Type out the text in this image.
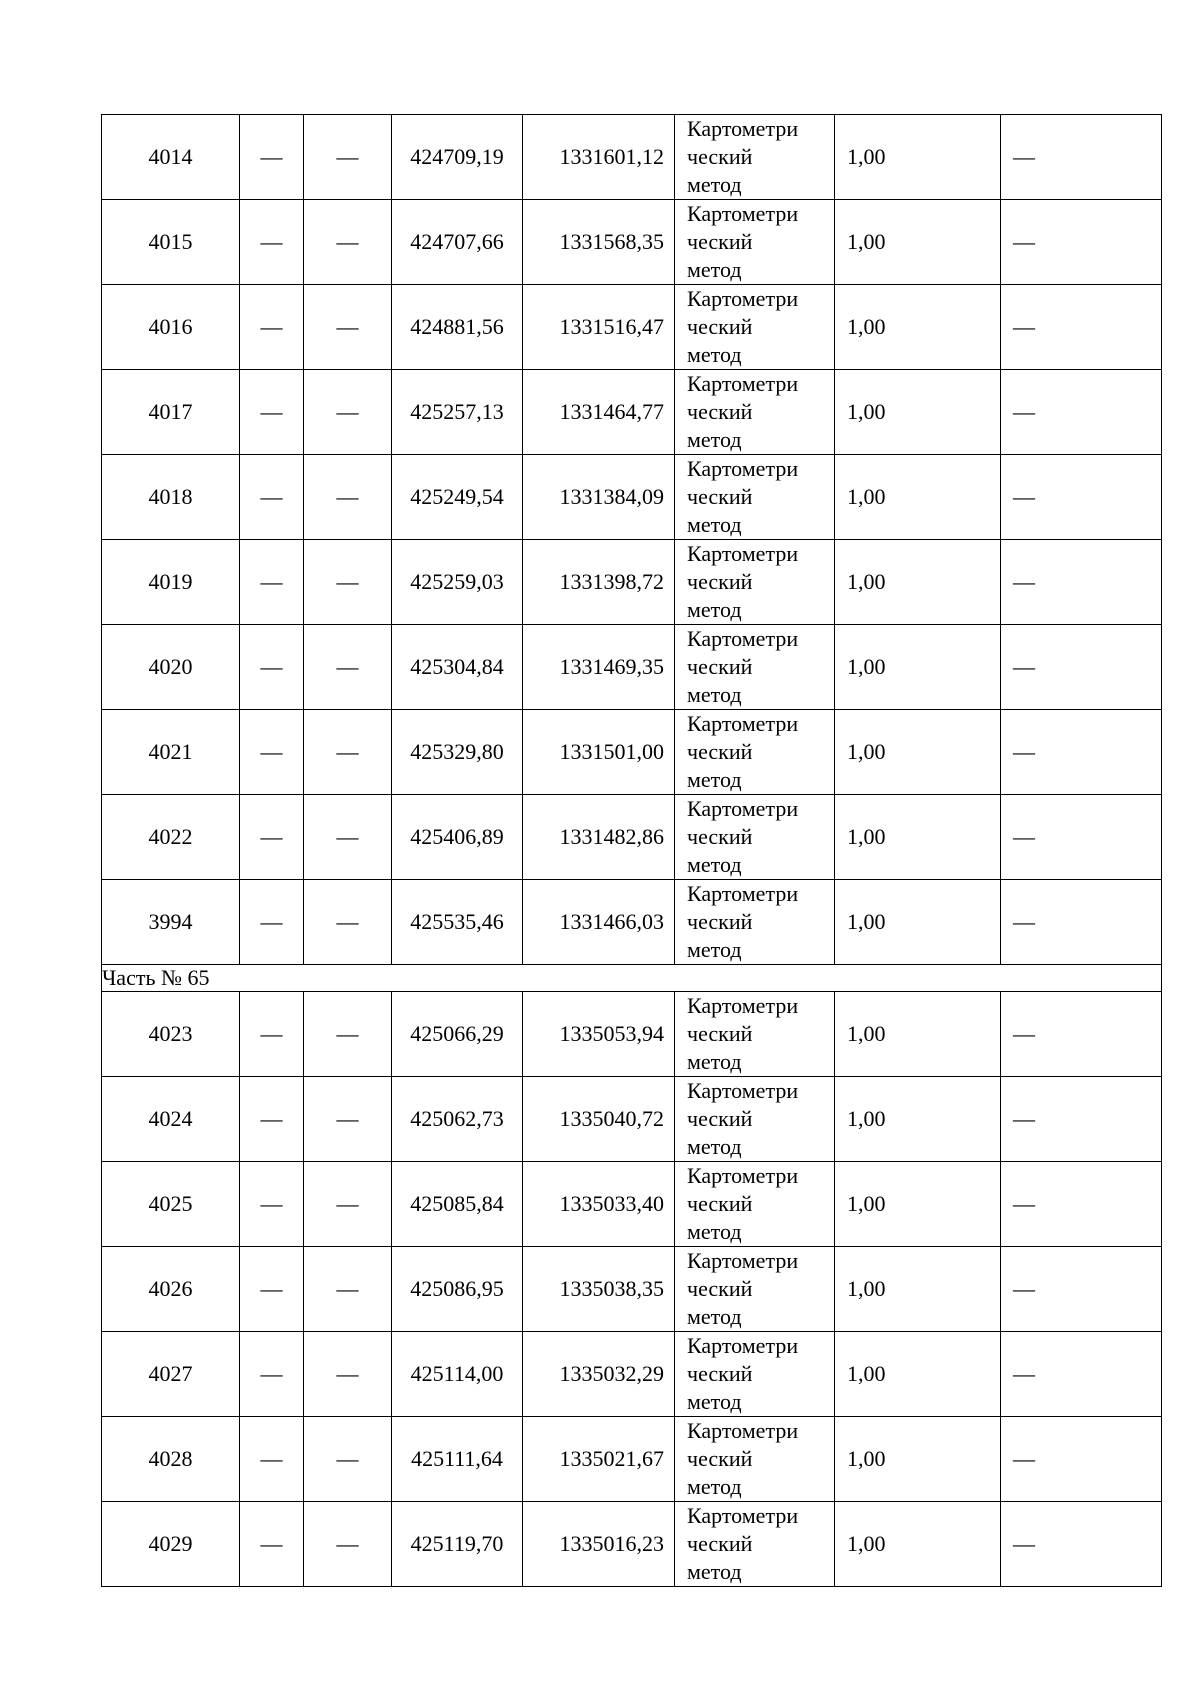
4014	—	—	424709,19	1331601,12	Картометри
ческий
метод	1,00	—
4015	—	—	424707,66	1331568,35	Картометри
ческий
метод	1,00	—
4016	—	—	424881,56	1331516,47	Картометри
ческий
метод	1,00	—
4017	—	—	425257,13	1331464,77	Картометри
ческий
метод	1,00	—
4018	—	—	425249,54	1331384,09	Картометри
ческий
метод	1,00	—
4019	—	—	425259,03	1331398,72	Картометри
ческий
метод	1,00	—
4020	—	—	425304,84	1331469,35	Картометри
ческий
метод	1,00	—
4021	—	—	425329,80	1331501,00	Картометри
ческий
метод	1,00	—
4022	—	—	425406,89	1331482,86	Картометри
ческий
метод	1,00	—
3994	—	—	425535,46	1331466,03	Картометри
ческий
метод	1,00	—
Часть № 65							
4023	—	—	425066,29	1335053,94	Картометри
ческий
метод	1,00	—
4024	—	—	425062,73	1335040,72	Картометри
ческий
метод	1,00	—
4025	—	—	425085,84	1335033,40	Картометри
ческий
метод	1,00	—
4026	—	—	425086,95	1335038,35	Картометри
ческий
метод	1,00	—
4027	—	—	425114,00	1335032,29	Картометри
ческий
метод	1,00	—
4028	—	—	425111,64	1335021,67	Картометри
ческий
метод	1,00	—
4029	—	—	425119,70	1335016,23	Картометри
ческий
метод	1,00	—
